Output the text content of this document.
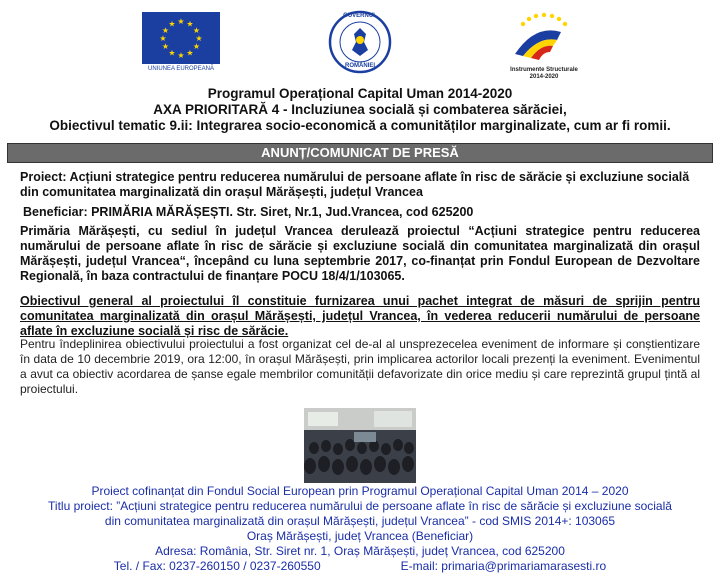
★ ★
★
★
★
★
★
★
★
★
★
★
UNIUNEA EUROPEANĂ
GUVERNUL
ROMÂNIEI
Instrumente Structurale
2014-2020
Programul Operațional Capital Uman 2014-2020
AXA PRIORITARĂ 4 - Incluziunea socială și combaterea sărăciei,
Obiectivul tematic 9.ii: Integrarea socio-economică a comunităților marginalizate, cum ar fi romii.
ANUNȚ/COMUNICAT DE PRESĂ
Proiect: Acțiuni strategice pentru reducerea numărului de persoane aflate în risc de sărăcie și excluziune socială din comunitatea marginalizată din orașul Mărășești, județul Vrancea
Beneficiar: PRIMĂRIA MĂRĂȘEȘTI. Str. Siret, Nr.1, Jud.Vrancea, cod 625200
Primăria Mărășești, cu sediul în județul Vrancea derulează proiectul “Acțiuni strategice pentru reducerea numărului de persoane aflate în risc de sărăcie și excluziune socială din comunitatea marginalizată din orașul Mărășești, județul Vrancea“, începând cu luna septembrie 2017, co-finanțat prin Fondul European de Dezvoltare Regională, în baza contractului de finanțare POCU 18/4/1/103065.
Obiectivul general al proiectului îl constituie furnizarea unui pachet integrat de măsuri de sprijin pentru comunitatea marginalizată din orașul Mărășești, județul Vrancea, în vederea reducerii numărului de persoane aflate în excluziune socială și risc de sărăcie.
Pentru îndeplinirea obiectivului proiectului a fost organizat cel de-al al unsprezecelea eveniment de informare și conștientizare în data de 10 decembrie 2019, ora 12:00, în orașul Mărășești, prin implicarea actorilor locali prezenți la eveniment. Evenimentul a avut ca obiectiv acordarea de șanse egale membrilor comunității defavorizate din orice mediu și care reprezintă grupul țintă al proiectului.
Proiect cofinanțat din Fondul Social European prin Programul Operațional Capital Uman 2014 – 2020
Titlu proiect: ”Acțiuni strategice pentru reducerea numărului de persoane aflate în risc de sărăcie și excluziune socială
din comunitatea marginalizată din orașul Mărășești, județul Vrancea” - cod SMIS 2014+: 103065
Oraș Mărășești, județ Vrancea (Beneficiar)
Adresa: România, Str. Siret nr. 1, Oraș Mărășești, județ Vrancea, cod 625200
Tel. / Fax: 0237-260150 / 0237-260550	E-mail: primaria@primariamarasesti.ro
